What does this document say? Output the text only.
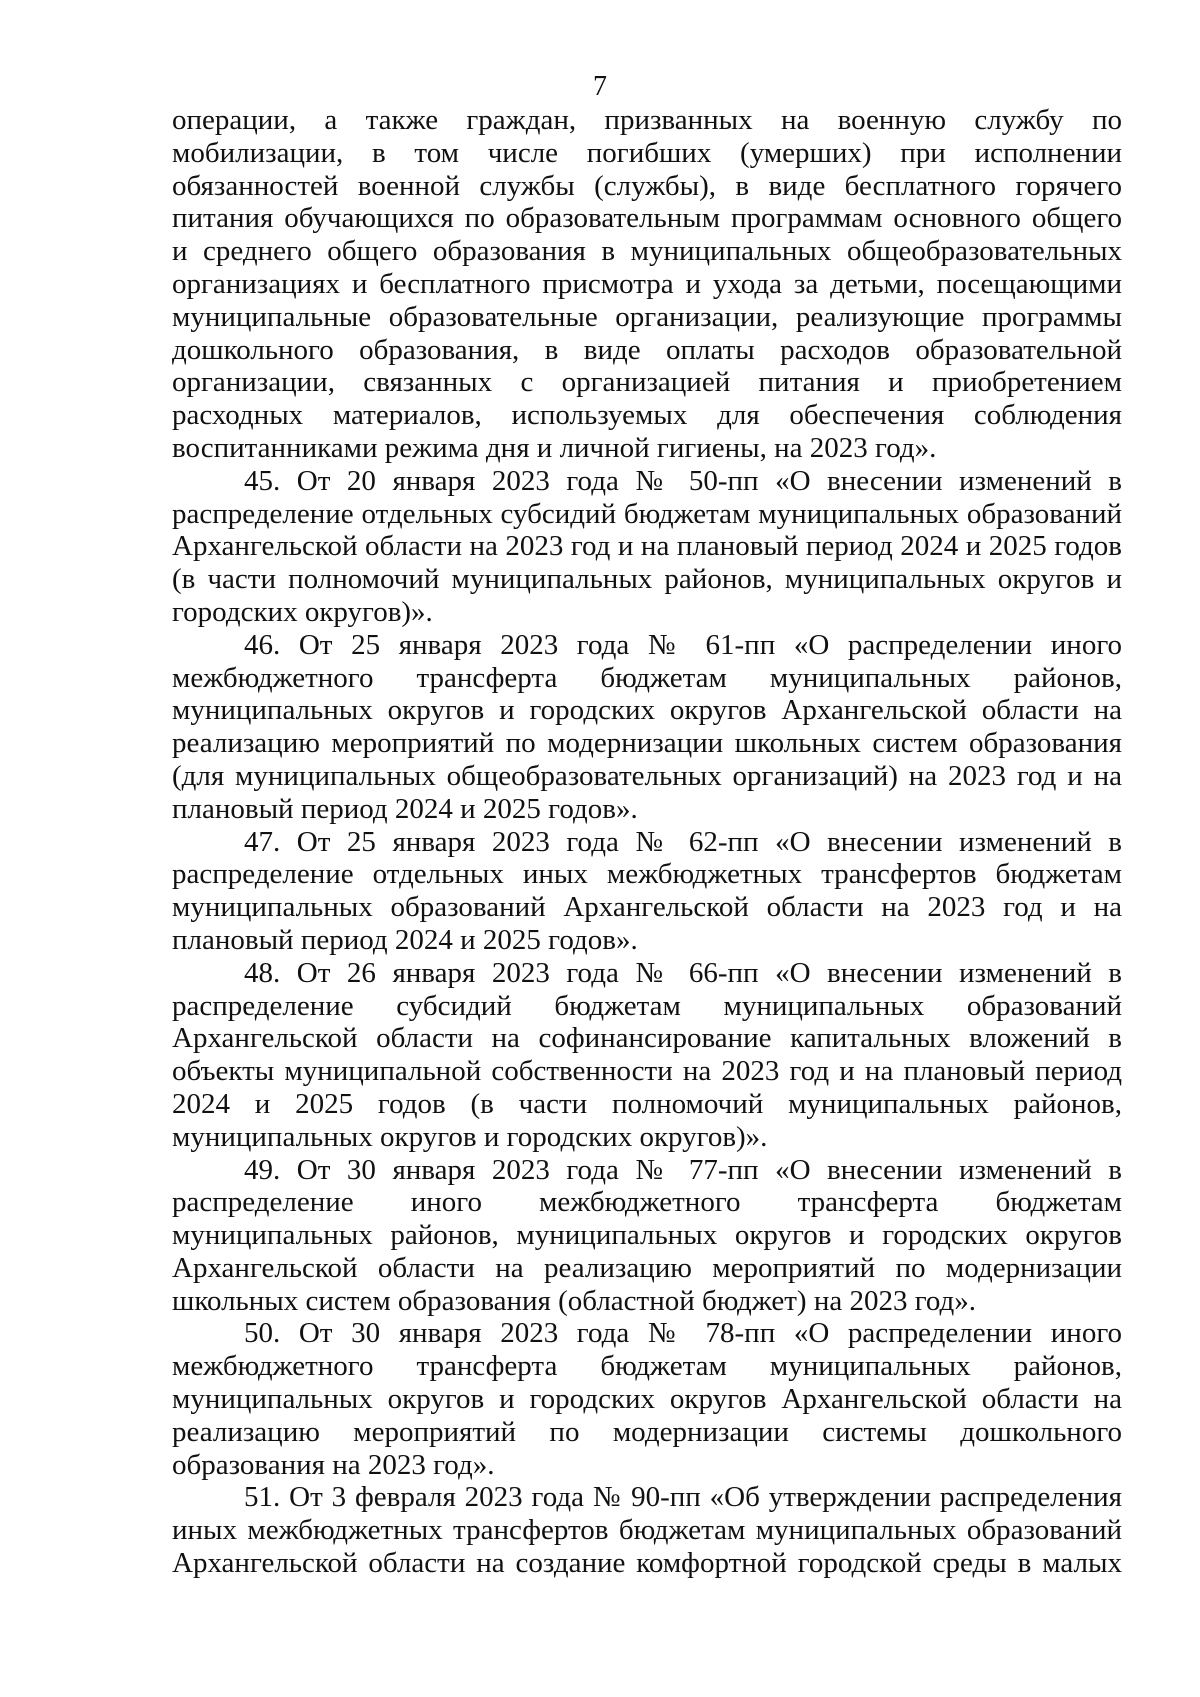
7

операции, а также граждан, призванных на военную службу по мобилизации, в том числе погибших (умерших) при исполнении обязанностей военной службы (службы), в виде бесплатного горячего питания обучающихся по образовательным программам основного общего и среднего общего образования в муниципальных общеобразовательных организациях и бесплатного присмотра и ухода за детьми, посещающими муниципальные образовательные организации, реализующие программы дошкольного образования, в виде оплаты расходов образовательной организации, связанных с организацией питания и приобретением расходных материалов, используемых для обеспечения соблюдения воспитанниками режима дня и личной гигиены, на 2023 год».

45. От 20 января 2023 года № 50-пп «О внесении изменений в распределение отдельных субсидий бюджетам муниципальных образований Архангельской области на 2023 год и на плановый период 2024 и 2025 годов (в части полномочий муниципальных районов, муниципальных округов и городских округов)».

46. От 25 января 2023 года № 61-пп «О распределении иного межбюджетного трансферта бюджетам муниципальных районов, муниципальных округов и городских округов Архангельской области на реализацию мероприятий по модернизации школьных систем образования (для муниципальных общеобразовательных организаций) на 2023 год и на плановый период 2024 и 2025 годов».

47. От 25 января 2023 года № 62-пп «О внесении изменений в распределение отдельных иных межбюджетных трансфертов бюджетам муниципальных образований Архангельской области на 2023 год и на плановый период 2024 и 2025 годов».

48. От 26 января 2023 года № 66-пп «О внесении изменений в распределение субсидий бюджетам муниципальных образований Архангельской области на софинансирование капитальных вложений в объекты муниципальной собственности на 2023 год и на плановый период 2024 и 2025 годов (в части полномочий муниципальных районов, муниципальных округов и городских округов)».

49. От 30 января 2023 года № 77-пп «О внесении изменений в распределение иного межбюджетного трансферта бюджетам муниципальных районов, муниципальных округов и городских округов Архангельской области на реализацию мероприятий по модернизации школьных систем образования (областной бюджет) на 2023 год».

50. От 30 января 2023 года № 78-пп «О распределении иного межбюджетного трансферта бюджетам муниципальных районов, муниципальных округов и городских округов Архангельской области на реализацию мероприятий по модернизации системы дошкольного образования на 2023 год».

51. От 3 февраля 2023 года № 90-пп «Об утверждении распределения иных межбюджетных трансфертов бюджетам муниципальных образований Архангельской области на создание комфортной городской среды в малых
